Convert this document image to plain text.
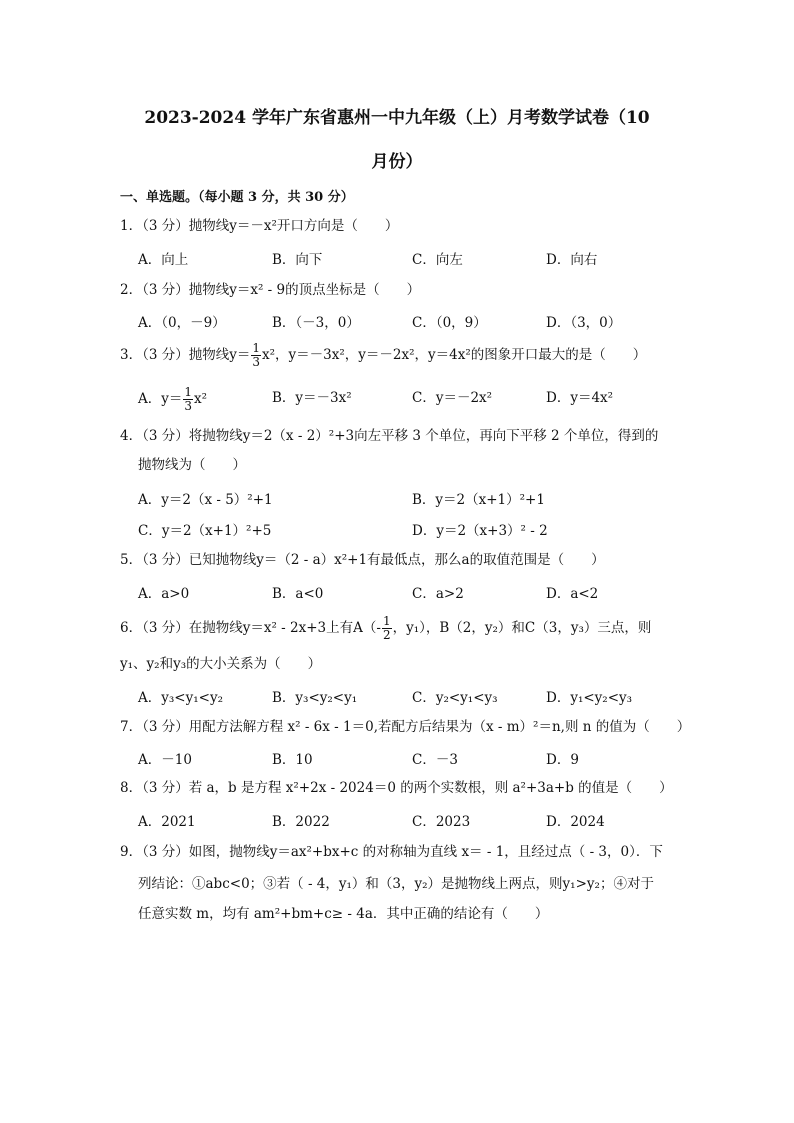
2023-2024 学年广东省惠州一中九年级（上）月考数学试卷（10
月份）
一、单选题。（每小题 3 分，共 30 分）
1．（3 分）抛物线y＝－x²开口方向是（　　）
A．向上	B．向下	C．向左	D．向右
2．（3 分）抛物线y＝x² - 9的顶点坐标是（　　）
A．（0，－9）	B．（－3，0）	C．（0，9）	D．（3，0）
3．（3 分）抛物线$y= \frac{1}{3} x^2$，y＝－3x²，y＝－2x²，y＝4x²的图象开口最大的是（　　）
A．$y= \frac{1}{3} x^2$	B．y＝－3x²	C．y＝－2x²	D．y＝4x²
4．（3 分）将抛物线y＝2（x - 2）²+3向左平移 3 个单位，再向下平移 2 个单位，得到的
抛物线为（　　）
A．y＝2（x - 5）²+1	B．y＝2（x+1）²+1
C．y＝2（x+1）²+5	D．y＝2（x+3）² - 2
5．（3 分）已知抛物线y＝（2 - a）x²+1有最低点，那么a的取值范围是（　　）
A．a>0	B．a<0	C．a>2	D．a<2
6．（3 分）在抛物线y＝x² - 2x+3上有$A(- \frac{1}{2}$ ，y₁），B（2，y₂）和C（3，y₃）三点，则
y₁、y₂和y₃的大小关系为（　　）
A．y₃<y₁<y₂	B．y₃<y₂<y₁	C．y₂<y₁<y₃	D．y₁<y₂<y₃
7．（3 分）用配方法解方程 x² - 6x - 1＝0,若配方后结果为（x - m）²＝n,则 n 的值为（　　）
A．－10	B．10	C．－3	D．9
8．（3 分）若 a，b 是方程 x²+2x - 2024＝0 的两个实数根，则 a²+3a+b 的值是（　　）
A．2021	B．2022	C．2023	D．2024
9．（3 分）如图，抛物线y＝ax²+bx+c 的对称轴为直线 x＝ - 1，且经过点（ - 3，0）．下
列结论：①abc<0；③若（ - 4，y₁）和（3，y₂）是抛物线上两点，则y₁>y₂；④对于
任意实数 m，均有 am²+bm+c≥ - 4a．其中正确的结论有（　　）
